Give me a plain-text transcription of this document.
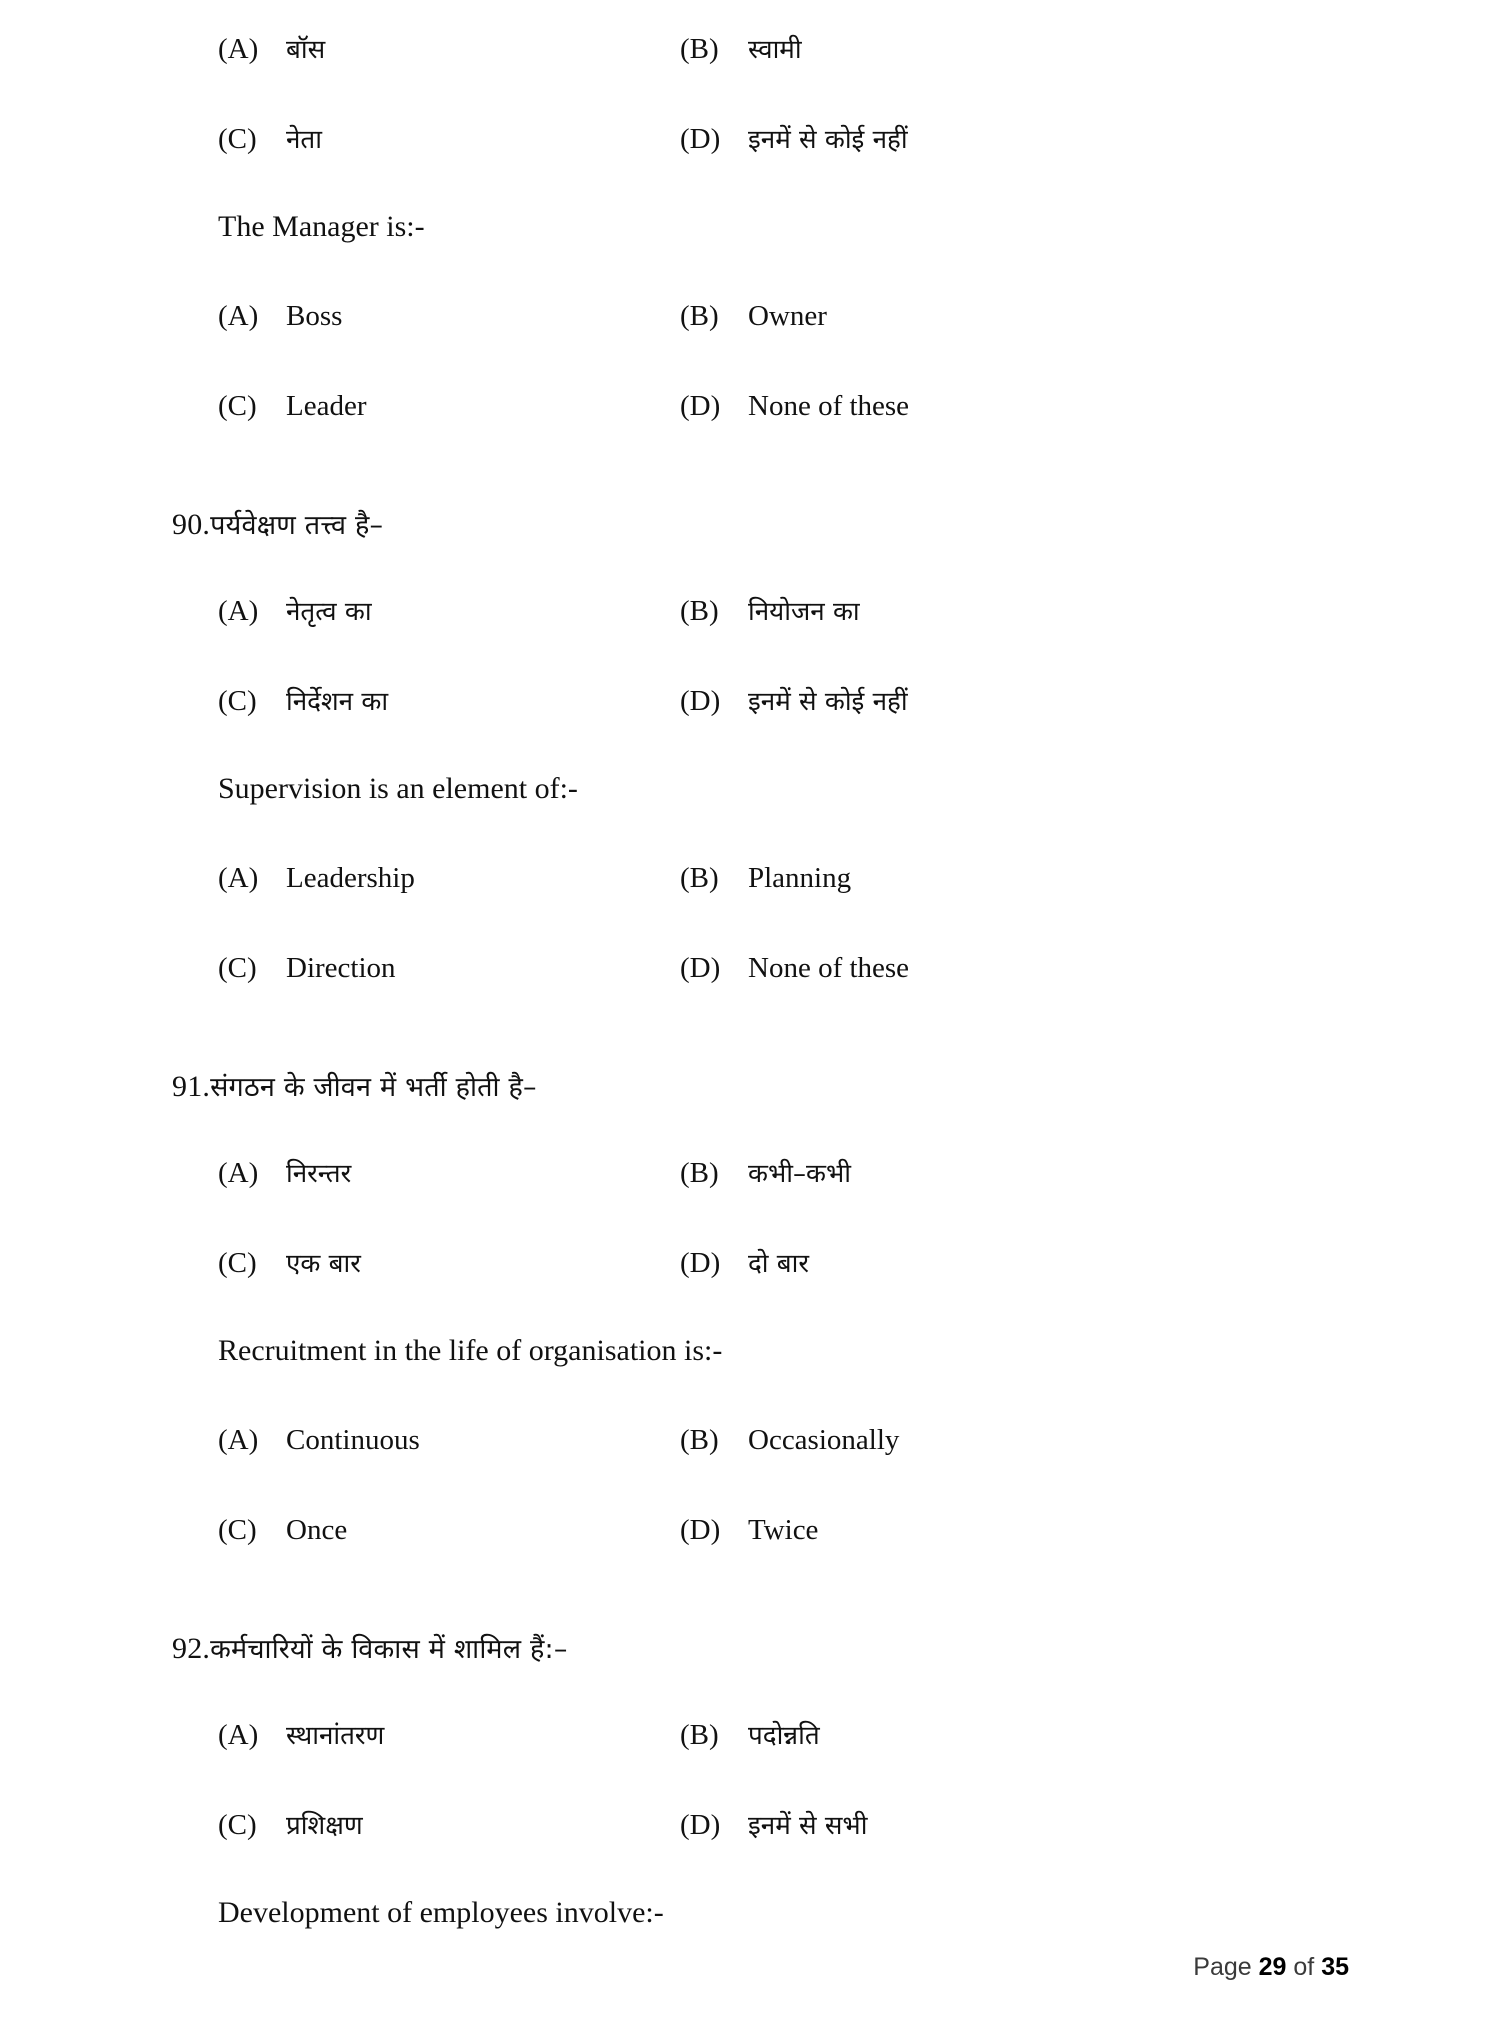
(A)	बॉस	(B)	स्वामी
(C)	नेता	(D)	इनमें से कोई नहीं
The Manager is:-
(A) Boss	(B)	Owner
(C)	Leader	(D) None of these
90.पर्यवेक्षण तत्त्व है–
(A)	नेतृत्व का	(B)	नियोजन का
(C)	निर्देशन का	(D)	इनमें से कोई नहीं
Supervision is an element of:-
(A) Leadership	(B)	Planning
(C)	Direction	(D) None of these
91.संगठन के जीवन में भर्ती होती है–
(A)	निरन्तर	(B)	कभी–कभी
(C)	एक बार	(D)	दो बार
Recruitment in the life of organisation is:-
(A) Continuous	(B)	Occasionally
(C)	Once	(D) Twice
92.कर्मचारियों के विकास में शामिल हैं:–
(A)	स्थानांतरण	(B)	पदोन्नति
(C)	प्रशिक्षण	(D)	इनमें से सभी
Development of employees involve:-
Page 29 of 35
